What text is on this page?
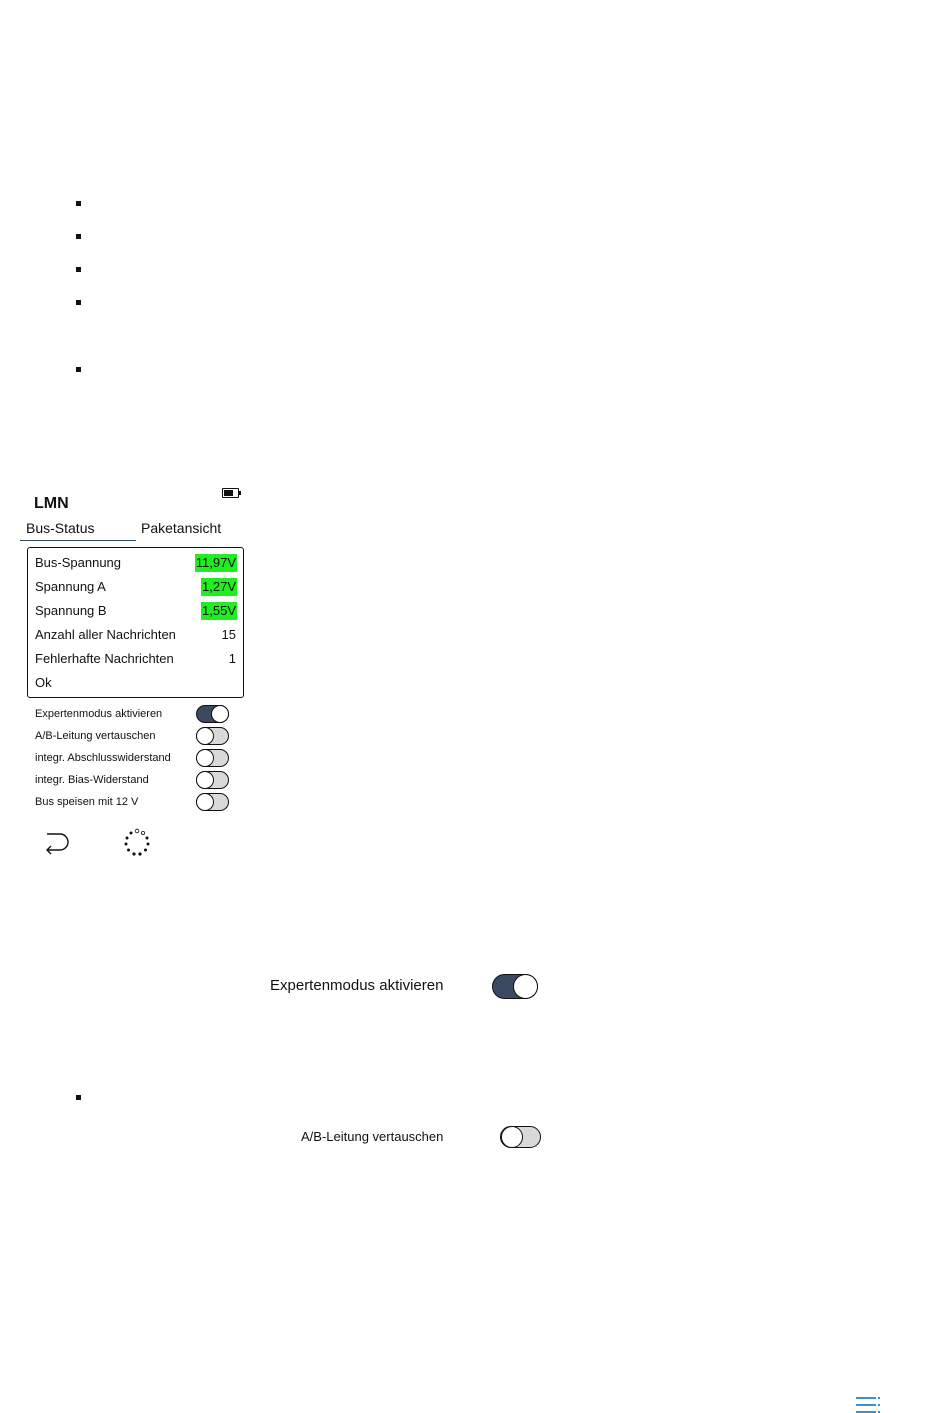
LMN
Bus-Status	Paketansicht
Bus-Spannung	11,97V
Spannung A	1,27V
Spannung B	1,55V
Anzahl aller Nachrichten	15
Fehlerhafte Nachrichten	1
Ok
Expertenmodus aktivieren
A/B-Leitung vertauschen
integr. Abschlusswiderstand
integr. Bias-Widerstand
Bus speisen mit 12 V
Expertenmodus aktivieren
A/B-Leitung vertauschen
